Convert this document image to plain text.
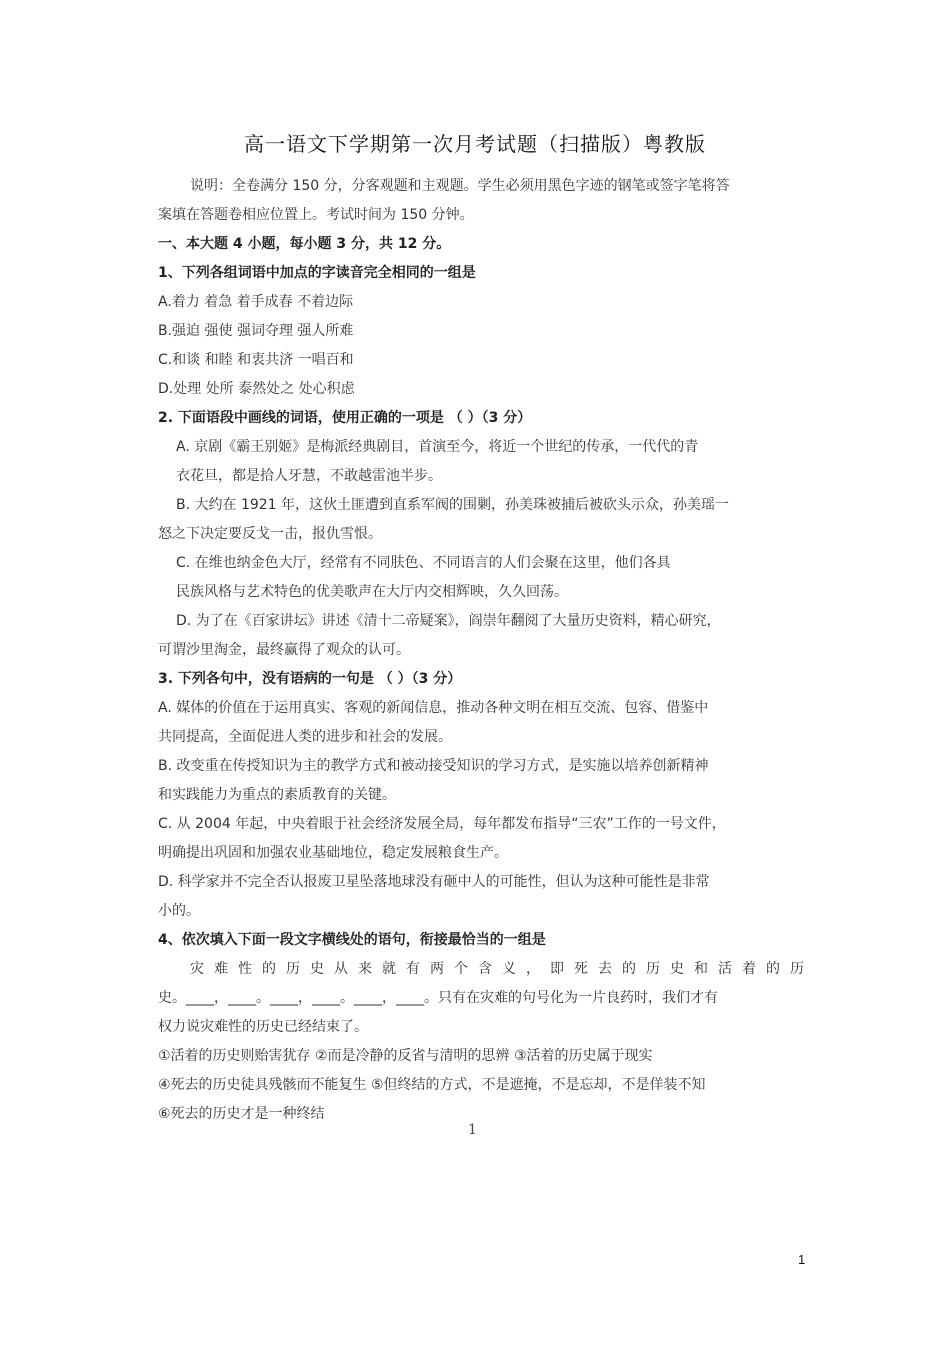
高一语文下学期第一次月考试题（扫描版）粤教版

说明：全卷满分 150 分，分客观题和主观题。学生必须用黑色字迹的钢笔或签字笔将答

案填在答题卷相应位置上。考试时间为 150 分钟。

一、本大题 4 小题，每小题 3 分，共 12 分。

1、下列各组词语中加点的字读音完全相同的一组是

A.着力 着急 着手成春 不着边际

B.强迫 强使 强词夺理 强人所难

C.和谈 和睦 和衷共济 一唱百和

D.处理 处所 泰然处之 处心积虑

2. 下面语段中画线的词语，使用正确的一项是 （ ）（3 分）

A. 京剧《霸王别姬》是梅派经典剧目，首演至今，将近一个世纪的传承，一代代的青

衣花旦，都是拾人牙慧，不敢越雷池半步。

B. 大约在 1921 年，这伙土匪遭到直系军阀的围剿，孙美珠被捕后被砍头示众，孙美瑶一

怒之下决定要反戈一击，报仇雪恨。

C. 在维也纳金色大厅，经常有不同肤色、不同语言的人们会聚在这里，他们各具

民族风格与艺术特色的优美歌声在大厅内交相辉映，久久回荡。

D. 为了在《百家讲坛》讲述《清十二帝疑案》，阎崇年翻阅了大量历史资料，精心研究，

可谓沙里淘金，最终赢得了观众的认可。

3. 下列各句中，没有语病的一句是 （ ）（3 分）

A. 媒体的价值在于运用真实、客观的新闻信息，推动各种文明在相互交流、包容、借鉴中

共同提高，全面促进人类的进步和社会的发展。

B. 改变重在传授知识为主的教学方式和被动接受知识的学习方式，是实施以培养创新精神

和实践能力为重点的素质教育的关键。

C. 从 2004 年起，中央着眼于社会经济发展全局，每年都发布指导“三农”工作的一号文件，

明确提出巩固和加强农业基础地位，稳定发展粮食生产。

D. 科学家并不完全否认报废卫星坠落地球没有砸中人的可能性，但认为这种可能性是非常

小的。

4、依次填入下面一段文字横线处的语句，衔接最恰当的一组是

灾难性的历史从来就有两个含义，即死去的历史和活着的历

史。____，____。____，____。____，____。只有在灾难的句号化为一片良药时，我们才有

权力说灾难性的历史已经结束了。

①活着的历史则贻害犹存 ②而是冷静的反省与清明的思辨 ③活着的历史属于现实

④死去的历史徒具残骸而不能复生 ⑤但终结的方式，不是遮掩，不是忘却，不是佯装不知

⑥死去的历史才是一种终结

1
1
